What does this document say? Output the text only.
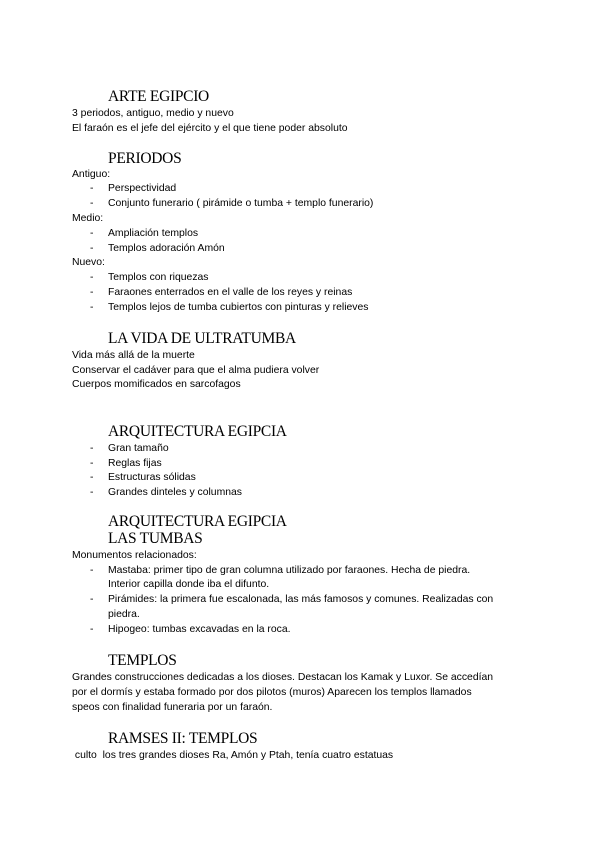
ARTE EGIPCIO
3 periodos, antiguo, medio y nuevo
El faraón es el jefe del ejército y el que tiene poder absoluto
PERIODOS
Antiguo:
- Perspectividad
- Conjunto funerario ( pirámide o tumba + templo funerario)
Medio:
- Ampliación templos
- Templos adoración Amón
Nuevo:
- Templos con riquezas
- Faraones enterrados en el valle de los reyes y reinas
- Templos lejos de tumba cubiertos con pinturas y relieves
LA VIDA DE ULTRATUMBA
Vida más allá de la muerte
Conservar el cadáver para que el alma pudiera volver
Cuerpos momificados en sarcofagos
ARQUITECTURA EGIPCIA
- Gran tamaño
- Reglas fijas
- Estructuras sólidas
- Grandes dinteles y columnas
ARQUITECTURA EGIPCIA
LAS TUMBAS
Monumentos relacionados:
- Mastaba: primer tipo de gran columna utilizado por faraones. Hecha de piedra.
Interior capilla donde iba el difunto.
- Pirámides: la primera fue escalonada, las más famosos y comunes. Realizadas con
piedra.
- Hipogeo: tumbas excavadas en la roca.
TEMPLOS
Grandes construcciones dedicadas a los dioses. Destacan los Kamak y Luxor. Se accedían
por el dormís y estaba formado por dos pilotos (muros) Aparecen los templos llamados
speos con finalidad funeraria por un faraón.
RAMSES II: TEMPLOS
culto  los tres grandes dioses Ra, Amón y Ptah, tenía cuatro estatuas
